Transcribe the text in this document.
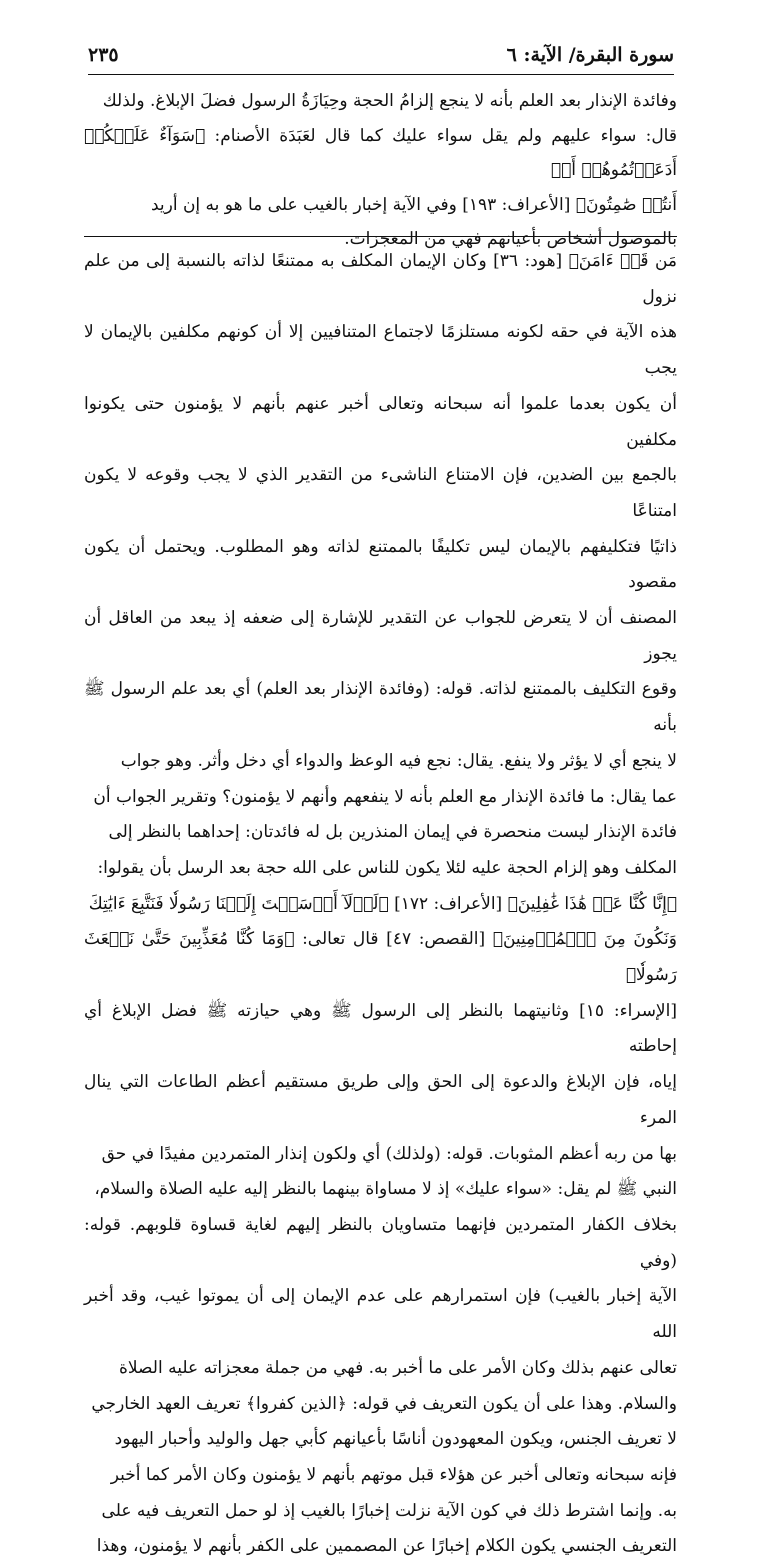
سورة البقرة/ الآية: ٦
٢٣٥

وفائدة الإنذار بعد العلم بأنه لا ينجع إلزامُ الحجة وحِيَازَةُ الرسول فضلَ الإبلاغ. ولذلك

قال: سواء عليهم ولم يقل سواء عليك كما قال لعَبَدَة الأصنام: ﴿سَوَآءٌ عَلَيۡكُمۡ أَدَعَوۡتُمُوهُمۡ أَمۡ

أَنتُمۡ صَٰمِتُونَ﴾ [الأعراف: ١٩٣] وفي الآية إخبار بالغيب على ما هو به إن أريد

بالموصول أشخاص بأعيانهم فهي من المعجزات.

مَن قَدۡ ءَامَنَ﴾ [هود: ٣٦] وكان الإيمان المكلف به ممتنعًا لذاته بالنسبة إلى من علم نزول

هذه الآية في حقه لكونه مستلزمًا لاجتماع المتنافيين إلا أن كونهم مكلفين بالإيمان لا يجب

أن يكون بعدما علموا أنه سبحانه وتعالى أخبر عنهم بأنهم لا يؤمنون حتى يكونوا مكلفين

بالجمع بين الضدين، فإن الامتناع الناشىء من التقدير الذي لا يجب وقوعه لا يكون امتناعًا

ذاتيًا فتكليفهم بالإيمان ليس تكليفًا بالممتنع لذاته وهو المطلوب. ويحتمل أن يكون مقصود

المصنف أن لا يتعرض للجواب عن التقدير للإشارة إلى ضعفه إذ يبعد من العاقل أن يجوز

وقوع التكليف بالممتنع لذاته. قوله: (وفائدة الإنذار بعد العلم) أي بعد علم الرسول ﷺ بأنه

لا ينجع أي لا يؤثر ولا ينفع. يقال: نجع فيه الوعظ والدواء أي دخل وأثر. وهو جواب

عما يقال: ما فائدة الإنذار مع العلم بأنه لا ينفعهم وأنهم لا يؤمنون؟ وتقرير الجواب أن

فائدة الإنذار ليست منحصرة في إيمان المنذرين بل له فائدتان: إحداهما بالنظر إلى

المكلف وهو إلزام الحجة عليه لئلا يكون للناس على الله حجة بعد الرسل بأن يقولوا:

﴿إِنَّا كُنَّا عَنۡ هَٰذَا غَٰفِلِينَ﴾ [الأعراف: ١٧٢] ﴿لَوۡلَآ أَرۡسَلۡتَ إِلَيۡنَا رَسُولٗا فَنَتَّبِعَ ءَايَٰتِكَ

وَنَكُونَ مِنَ ٱلۡمُؤۡمِنِينَ﴾ [القصص: ٤٧] قال تعالى: ﴿وَمَا كُنَّا مُعَذِّبِينَ حَتَّىٰ نَبۡعَثَ رَسُولٗا﴾

[الإسراء: ١٥] وثانيتهما بالنظر إلى الرسول ﷺ وهي حيازته ﷺ فضل الإبلاغ أي إحاطته

إياه، فإن الإبلاغ والدعوة إلى الحق وإلى طريق مستقيم أعظم الطاعات التي ينال المرء

بها من ربه أعظم المثوبات. قوله: (ولذلك) أي ولكون إنذار المتمردين مفيدًا في حق

النبي ﷺ لم يقل: «سواء عليك» إذ لا مساواة بينهما بالنظر إليه عليه الصلاة والسلام،

بخلاف الكفار المتمردين فإنهما متساويان بالنظر إليهم لغاية قساوة قلوبهم. قوله: (وفي

الآية إخبار بالغيب) فإن استمرارهم على عدم الإيمان إلى أن يموتوا غيب، وقد أخبر الله

تعالى عنهم بذلك وكان الأمر على ما أخبر به. فهي من جملة معجزاته عليه الصلاة

والسلام. وهذا على أن يكون التعريف في قوله: ﴿الذين كفروا﴾ تعريف العهد الخارجي

لا تعريف الجنس، ويكون المعهودون أناسًا بأعيانهم كأبي جهل والوليد وأحبار اليهود

فإنه سبحانه وتعالى أخبر عن هؤلاء قبل موتهم بأنهم لا يؤمنون وكان الأمر كما أخبر

به. وإنما اشترط ذلك في كون الآية نزلت إخبارًا بالغيب إذ لو حمل التعريف فيه على

التعريف الجنسي يكون الكلام إخبارًا عن المصممين على الكفر بأنهم لا يؤمنون، وهذا
